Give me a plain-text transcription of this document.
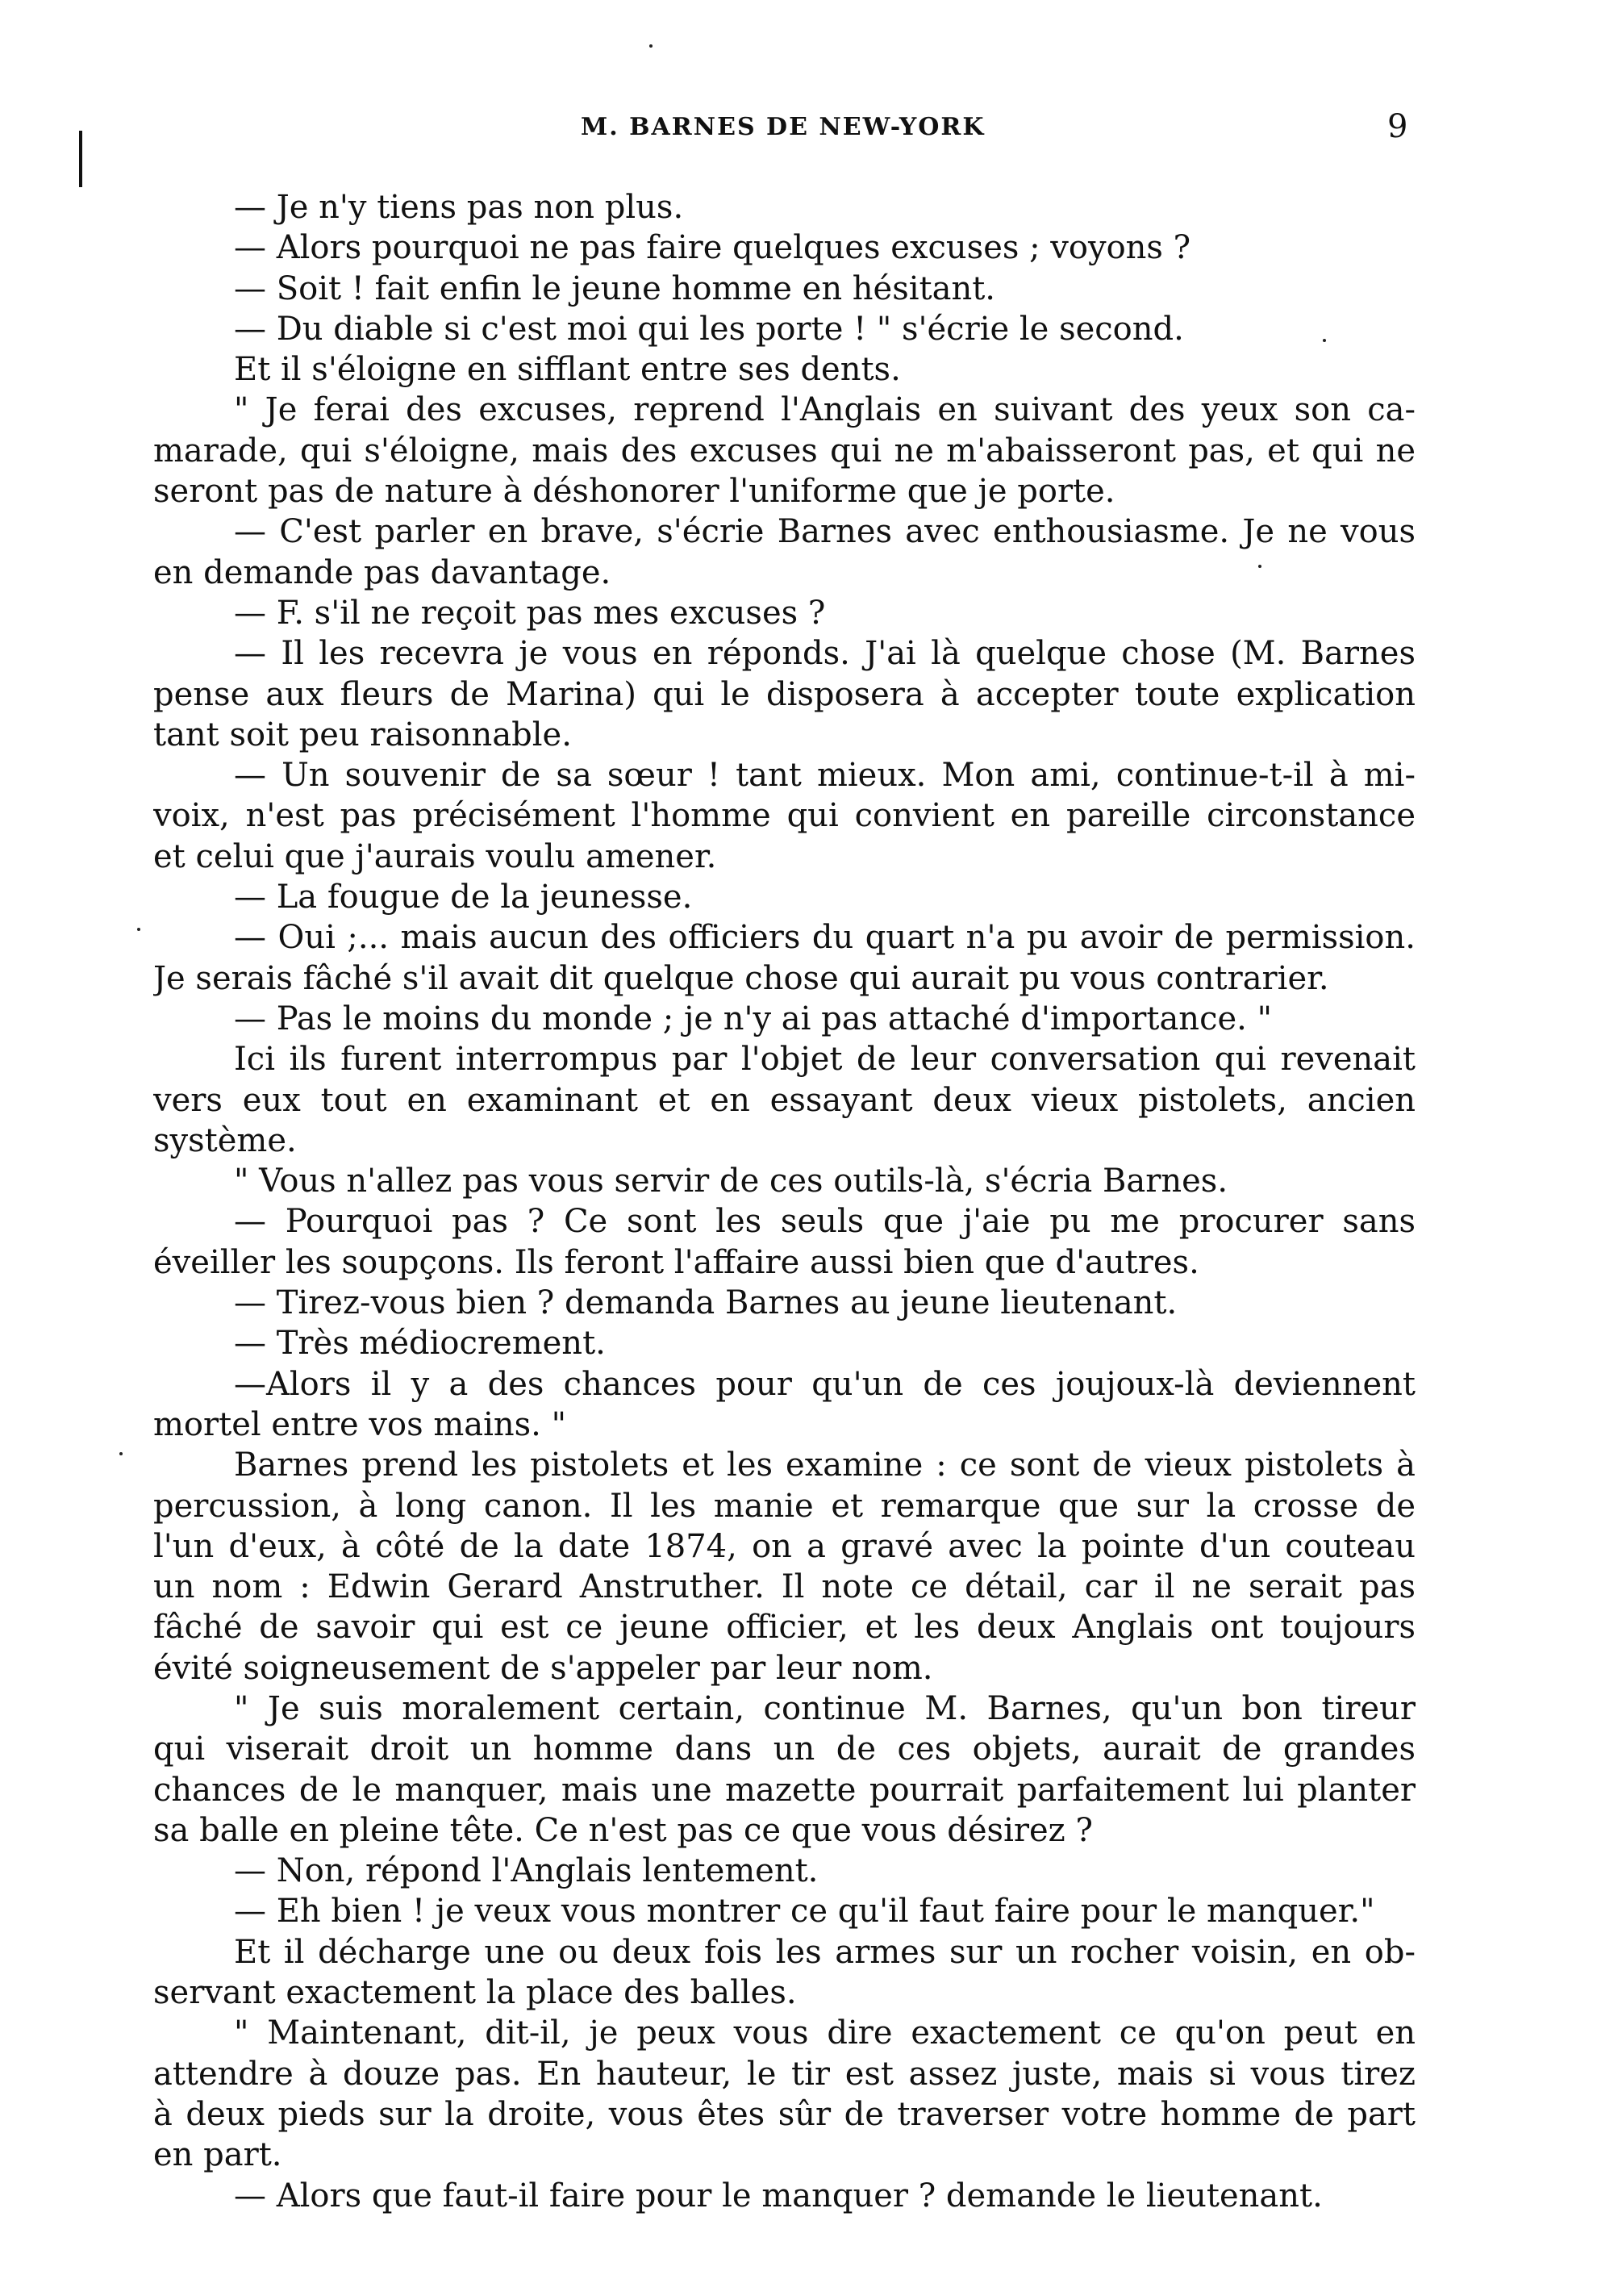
M. BARNES DE NEW-YORK	9
— Je n'y tiens pas non plus.
— Alors pourquoi ne pas faire quelques excuses ; voyons ?
— Soit ! fait enfin le jeune homme en hésitant.
— Du diable si c'est moi qui les porte ! " s'écrie le second.
Et il s'éloigne en sifflant entre ses dents.
" Je ferai des excuses, reprend l'Anglais en suivant des yeux son ca-
marade, qui s'éloigne, mais des excuses qui ne m'abaisseront pas, et qui ne
seront pas de nature à déshonorer l'uniforme que je porte.
— C'est parler en brave, s'écrie Barnes avec enthousiasme. Je ne vous
en demande pas davantage.
— F. s'il ne reçoit pas mes excuses ?
— Il les recevra je vous en réponds. J'ai là quelque chose (M. Barnes
pense aux fleurs de Marina) qui le disposera à accepter toute explication
tant soit peu raisonnable.
— Un souvenir de sa sœur ! tant mieux. Mon ami, continue-t-il à mi-
voix, n'est pas précisément l'homme qui convient en pareille circonstance
et celui que j'aurais voulu amener.
— La fougue de la jeunesse.
— Oui ;... mais aucun des officiers du quart n'a pu avoir de permission.
Je serais fâché s'il avait dit quelque chose qui aurait pu vous contrarier.
— Pas le moins du monde ; je n'y ai pas attaché d'importance. "
Ici ils furent interrompus par l'objet de leur conversation qui revenait
vers eux tout en examinant et en essayant deux vieux pistolets, ancien
système.
" Vous n'allez pas vous servir de ces outils-là, s'écria Barnes.
— Pourquoi pas ? Ce sont les seuls que j'aie pu me procurer sans
éveiller les soupçons. Ils feront l'affaire aussi bien que d'autres.
— Tirez-vous bien ? demanda Barnes au jeune lieutenant.
— Très médiocrement.
—Alors il y a des chances pour qu'un de ces joujoux-là deviennent
mortel entre vos mains. "
Barnes prend les pistolets et les examine : ce sont de vieux pistolets à
percussion, à long canon. Il les manie et remarque que sur la crosse de
l'un d'eux, à côté de la date 1874, on a gravé avec la pointe d'un couteau
un nom : Edwin Gerard Anstruther. Il note ce détail, car il ne serait pas
fâché de savoir qui est ce jeune officier, et les deux Anglais ont toujours
évité soigneusement de s'appeler par leur nom.
" Je suis moralement certain, continue M. Barnes, qu'un bon tireur
qui viserait droit un homme dans un de ces objets, aurait de grandes
chances de le manquer, mais une mazette pourrait parfaitement lui planter
sa balle en pleine tête. Ce n'est pas ce que vous désirez ?
— Non, répond l'Anglais lentement.
— Eh bien ! je veux vous montrer ce qu'il faut faire pour le manquer."
Et il décharge une ou deux fois les armes sur un rocher voisin, en ob-
servant exactement la place des balles.
" Maintenant, dit-il, je peux vous dire exactement ce qu'on peut en
attendre à douze pas. En hauteur, le tir est assez juste, mais si vous tirez
à deux pieds sur la droite, vous êtes sûr de traverser votre homme de part
en part.
— Alors que faut-il faire pour le manquer ? demande le lieutenant.
